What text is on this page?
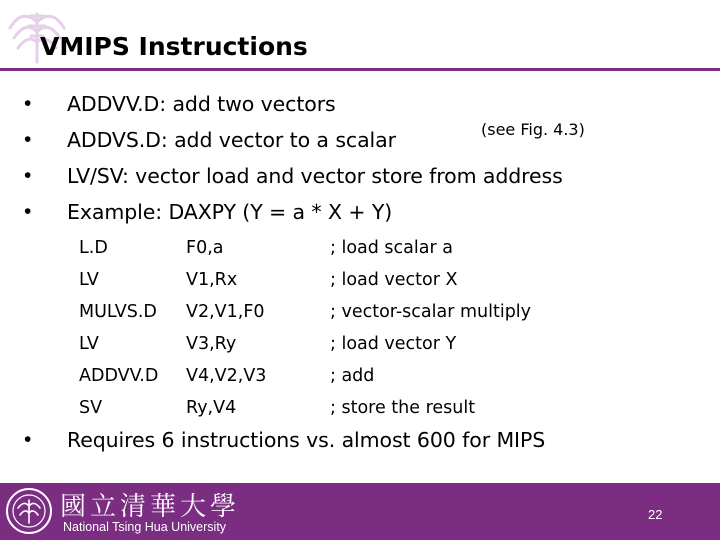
VMIPS Instructions
• ADDVV.D: add two vectors
• ADDVS.D: add vector to a scalar	(see Fig. 4.3)
• LV/SV: vector load and vector store from address
• Example: DAXPY (Y = a * X + Y)
L.D
LV
MULVS.D
LV
ADDVV.D
SV
F0,a
V1,Rx
V2,V1,F0
V3,Ry
V4,V2,V3
Ry,V4
; load scalar a
; load vector X
; vector-scalar multiply
; load vector Y
; add
; store the result
• Requires 6 instructions vs. almost 600 for MIPS
國立清華大學
National Tsing Hua University
22
